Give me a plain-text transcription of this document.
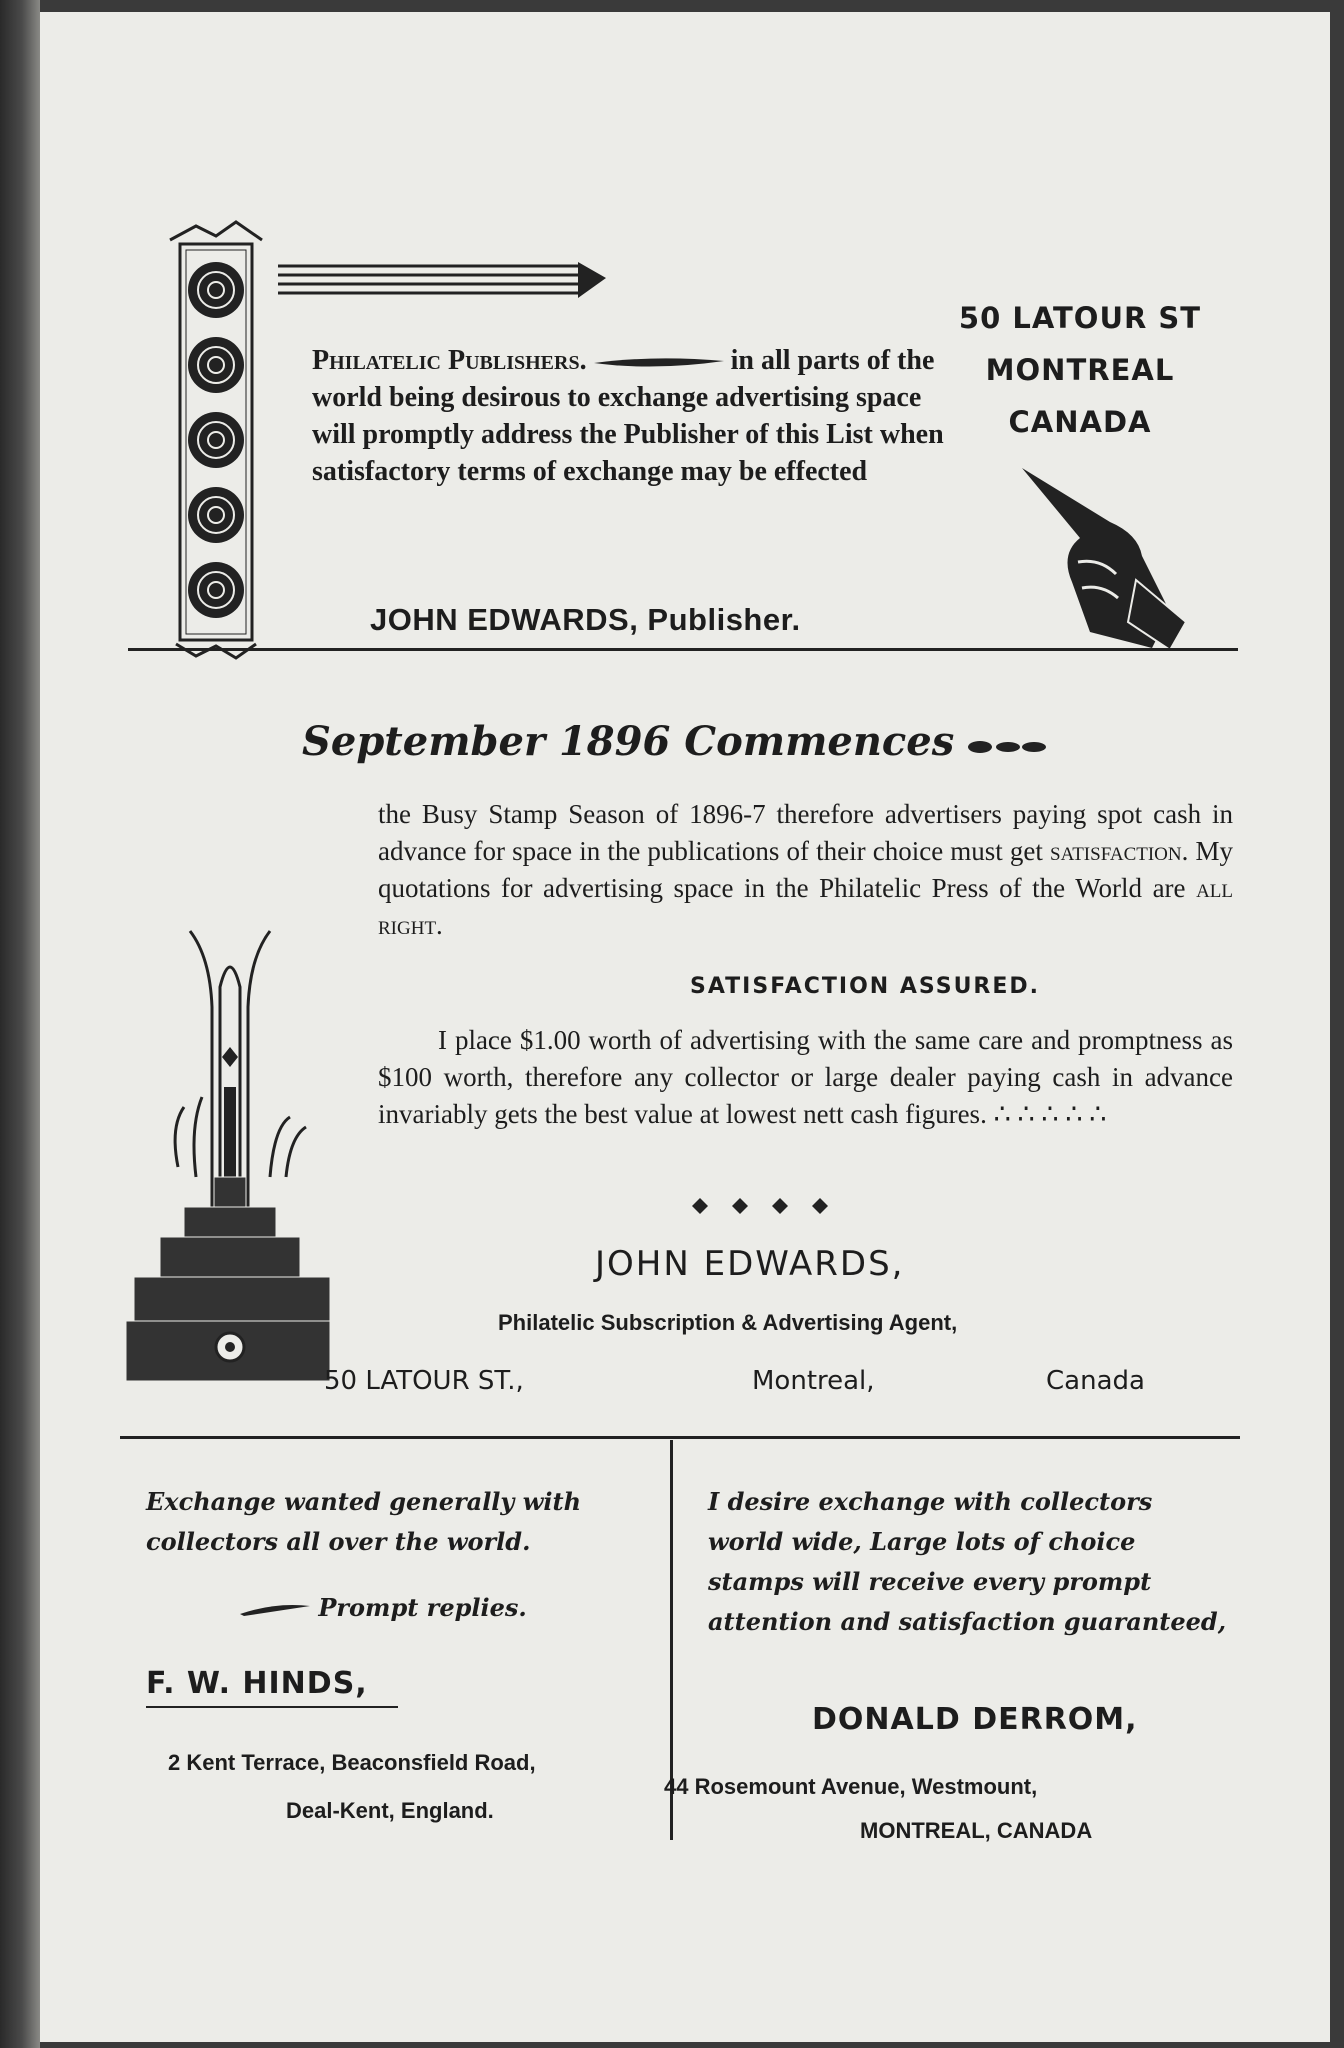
Philatelic Publishers.	in all parts of the world being desirous to exchange advertising space will promptly address the Publisher of this List when satisfactory terms of exchange may be effected
JOHN EDWARDS, Publisher.
50 LATOUR ST
MONTREAL
CANADA
September 1896 Commences
the Busy Stamp Season of 1896-7 therefore advertisers paying spot cash in advance for space in the publications of their choice must get satisfaction. My quotations for advertising space in the Philatelic Press of the World are all right.
SATISFACTION ASSURED.
I place $1.00 worth of advertising with the same care and promptness as $100 worth, therefore any collector or large dealer paying cash in advance invariably gets the best value at lowest nett cash figures. ∴ ∴ ∴ ∴ ∴
JOHN EDWARDS,
Philatelic Subscription & Advertising Agent,
50 LATOUR ST.,	Montreal,	Canada
Exchange wanted generally with collectors all over the world.
Prompt replies.
F. W. HINDS,
2 Kent Terrace, Beaconsfield Road,
Deal-Kent, England.
I desire exchange with collectors world wide, Large lots of choice stamps will receive every prompt attention and satisfaction guaranteed,
DONALD DERROM,
44 Rosemount Avenue, Westmount,
MONTREAL, CANADA
